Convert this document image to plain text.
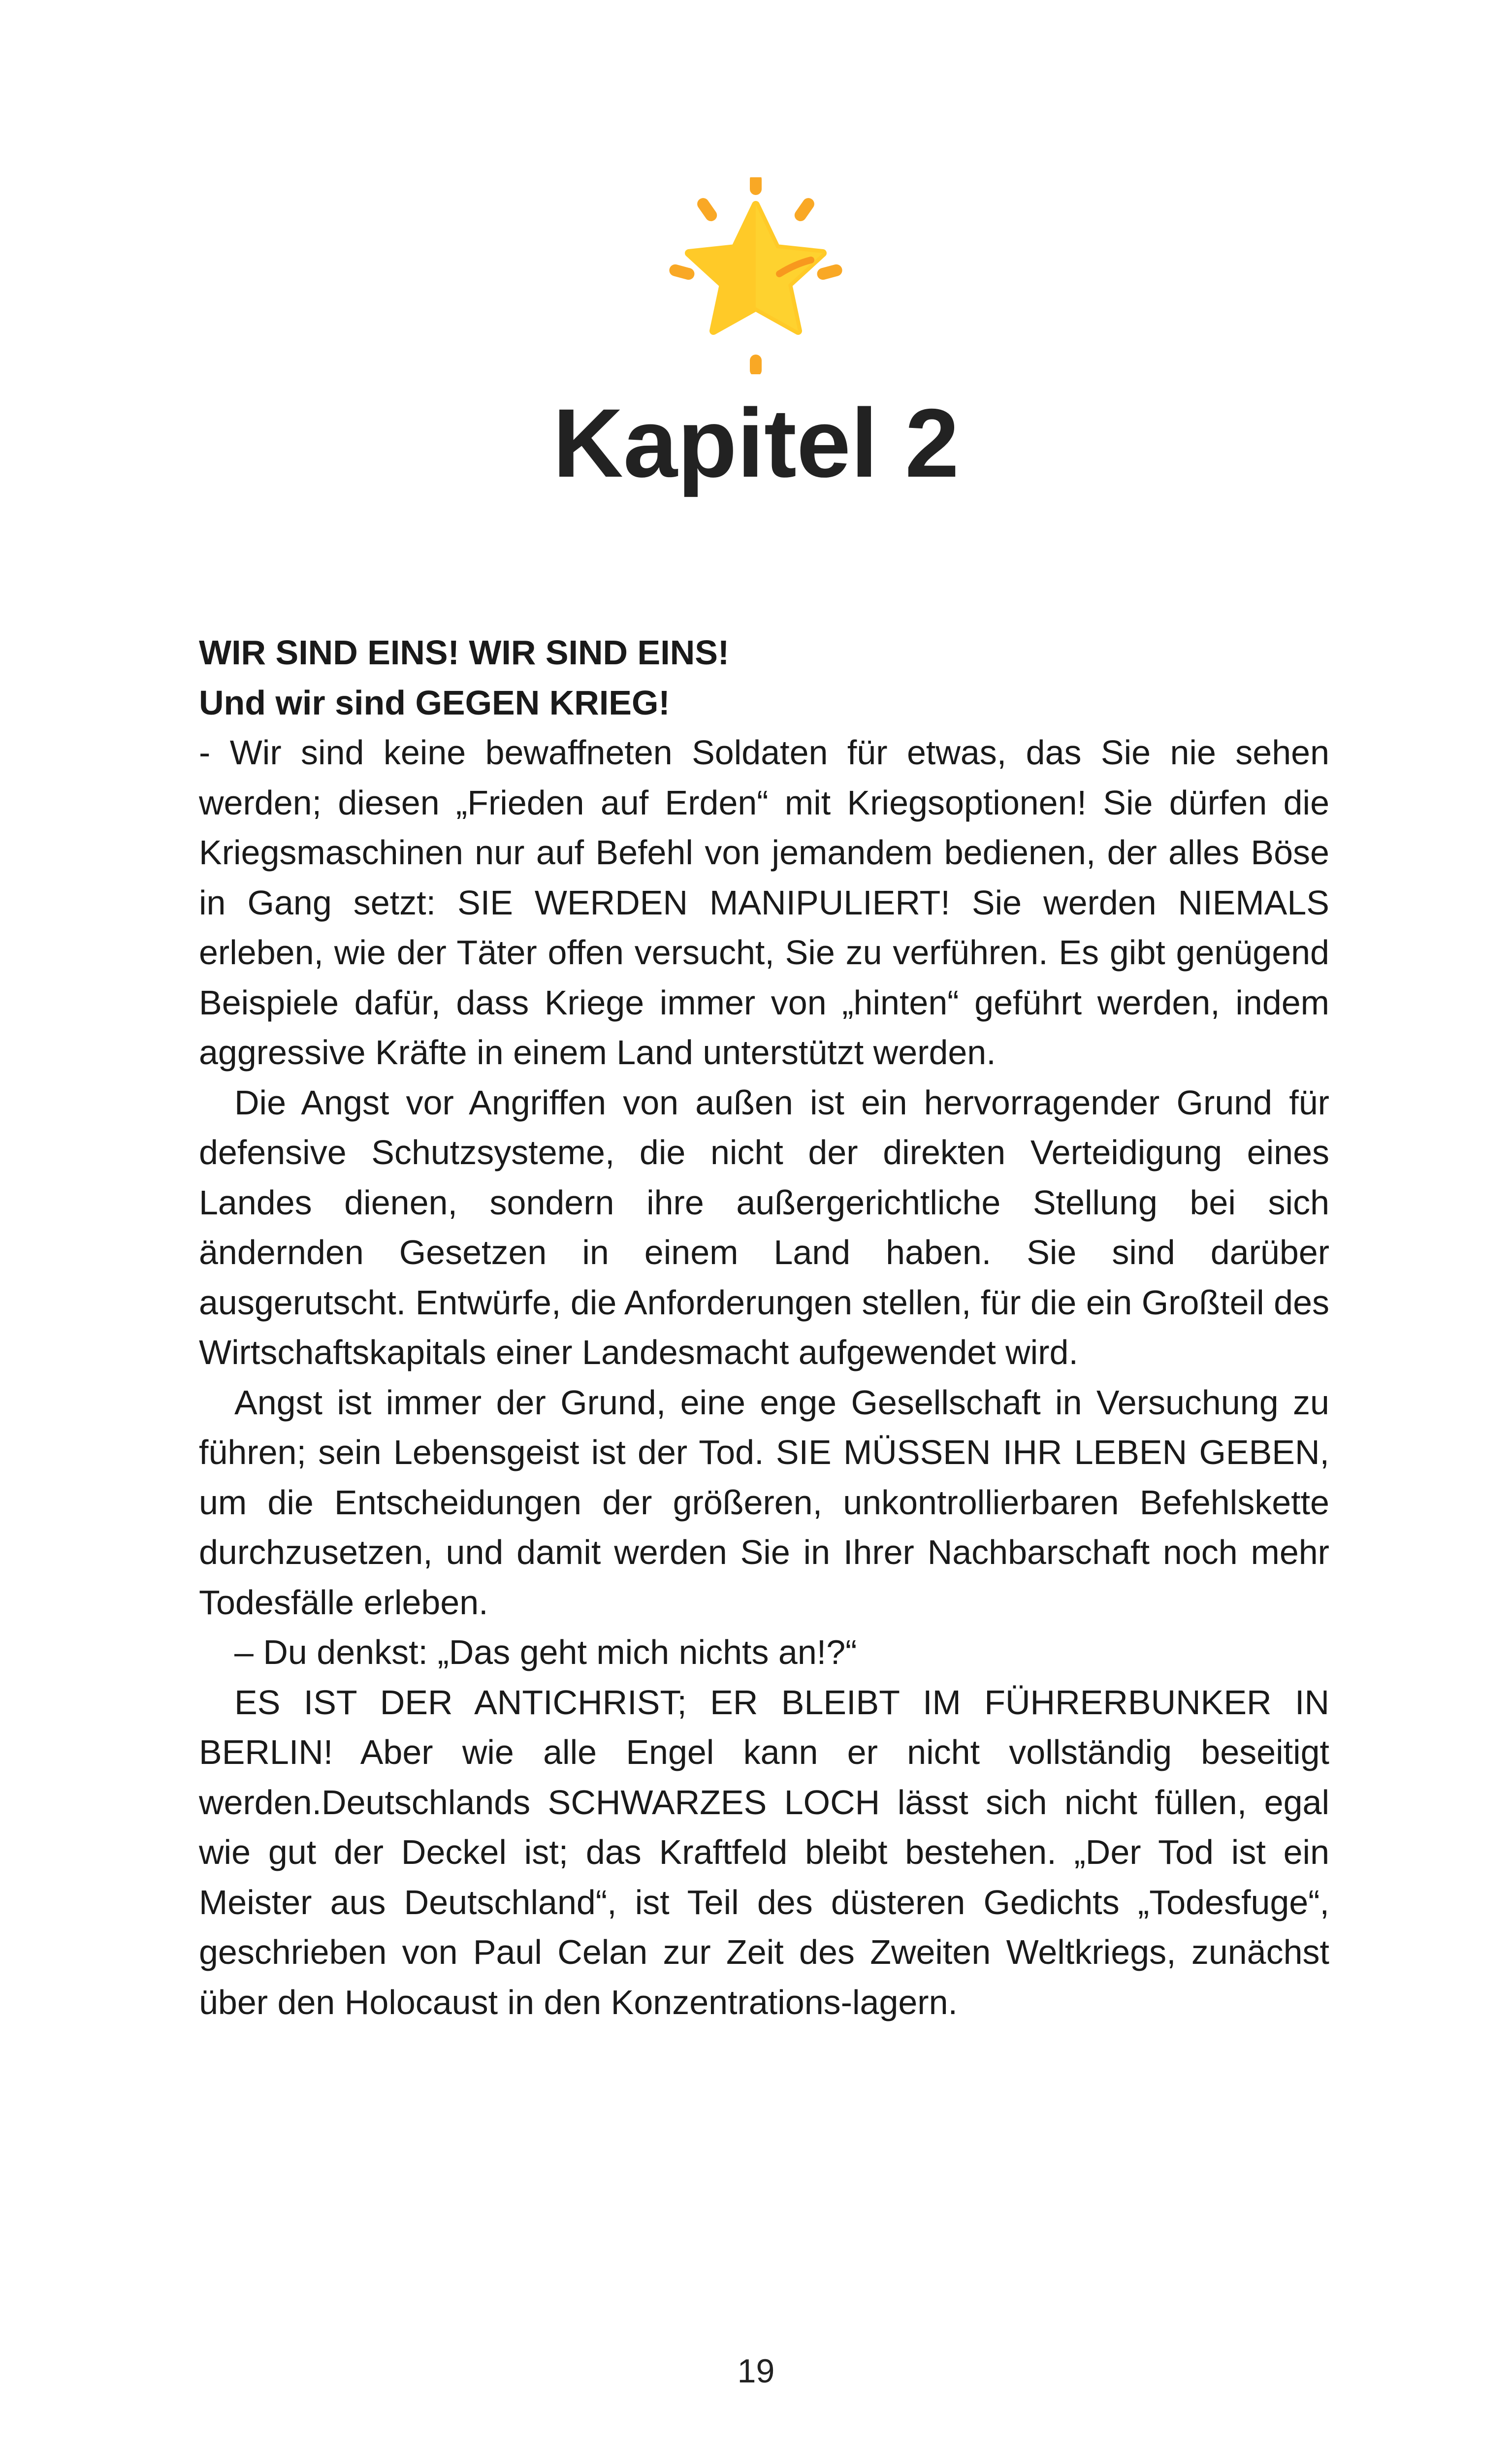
Kapitel 2

WIR SIND EINS! WIR SIND EINS!

Und wir sind GEGEN KRIEG!

- Wir sind keine bewaffneten Soldaten für etwas, das Sie nie sehen werden; diesen „Frieden auf Erden“ mit Kriegsoptionen! Sie dürfen die Kriegsmaschinen nur auf Befehl von jemandem bedienen, der alles Böse in Gang setzt: SIE WERDEN MANIPULIERT! Sie werden NIEMALS erleben, wie der Täter offen versucht, Sie zu verführen. Es gibt genügend Beispiele dafür, dass Kriege immer von „hinten“ geführt werden, indem aggressive Kräfte in einem Land unterstützt werden.

Die Angst vor Angriffen von außen ist ein hervorragender Grund für defensive Schutzsysteme, die nicht der direkten Verteidigung eines Landes dienen, sondern ihre außergerichtliche Stellung bei sich ändernden Gesetzen in einem Land haben. Sie sind darüber ausgerutscht. Entwürfe, die Anforderungen stellen, für die ein Großteil des Wirtschaftskapitals einer Landesmacht aufgewendet wird.

Angst ist immer der Grund, eine enge Gesellschaft in Versuchung zu führen; sein Lebensgeist ist der Tod. SIE MÜSSEN IHR LEBEN GEBEN, um die Entscheidungen der größeren, unkontrollierbaren Befehlskette durchzusetzen, und damit werden Sie in Ihrer Nachbarschaft noch mehr Todesfälle erleben.

– Du denkst: „Das geht mich nichts an!?“

ES IST DER ANTICHRIST; ER BLEIBT IM FÜHRERBUNKER IN BERLIN! Aber wie alle Engel kann er nicht vollständig beseitigt werden.Deutschlands SCHWARZES LOCH lässt sich nicht füllen, egal wie gut der Deckel ist; das Kraftfeld bleibt bestehen. „Der Tod ist ein Meister aus Deutschland“, ist Teil des düsteren Gedichts „Todesfuge“, geschrieben von Paul Celan zur Zeit des Zweiten Weltkriegs, zunächst über den Holocaust in den Konzentrations-lagern.

19
